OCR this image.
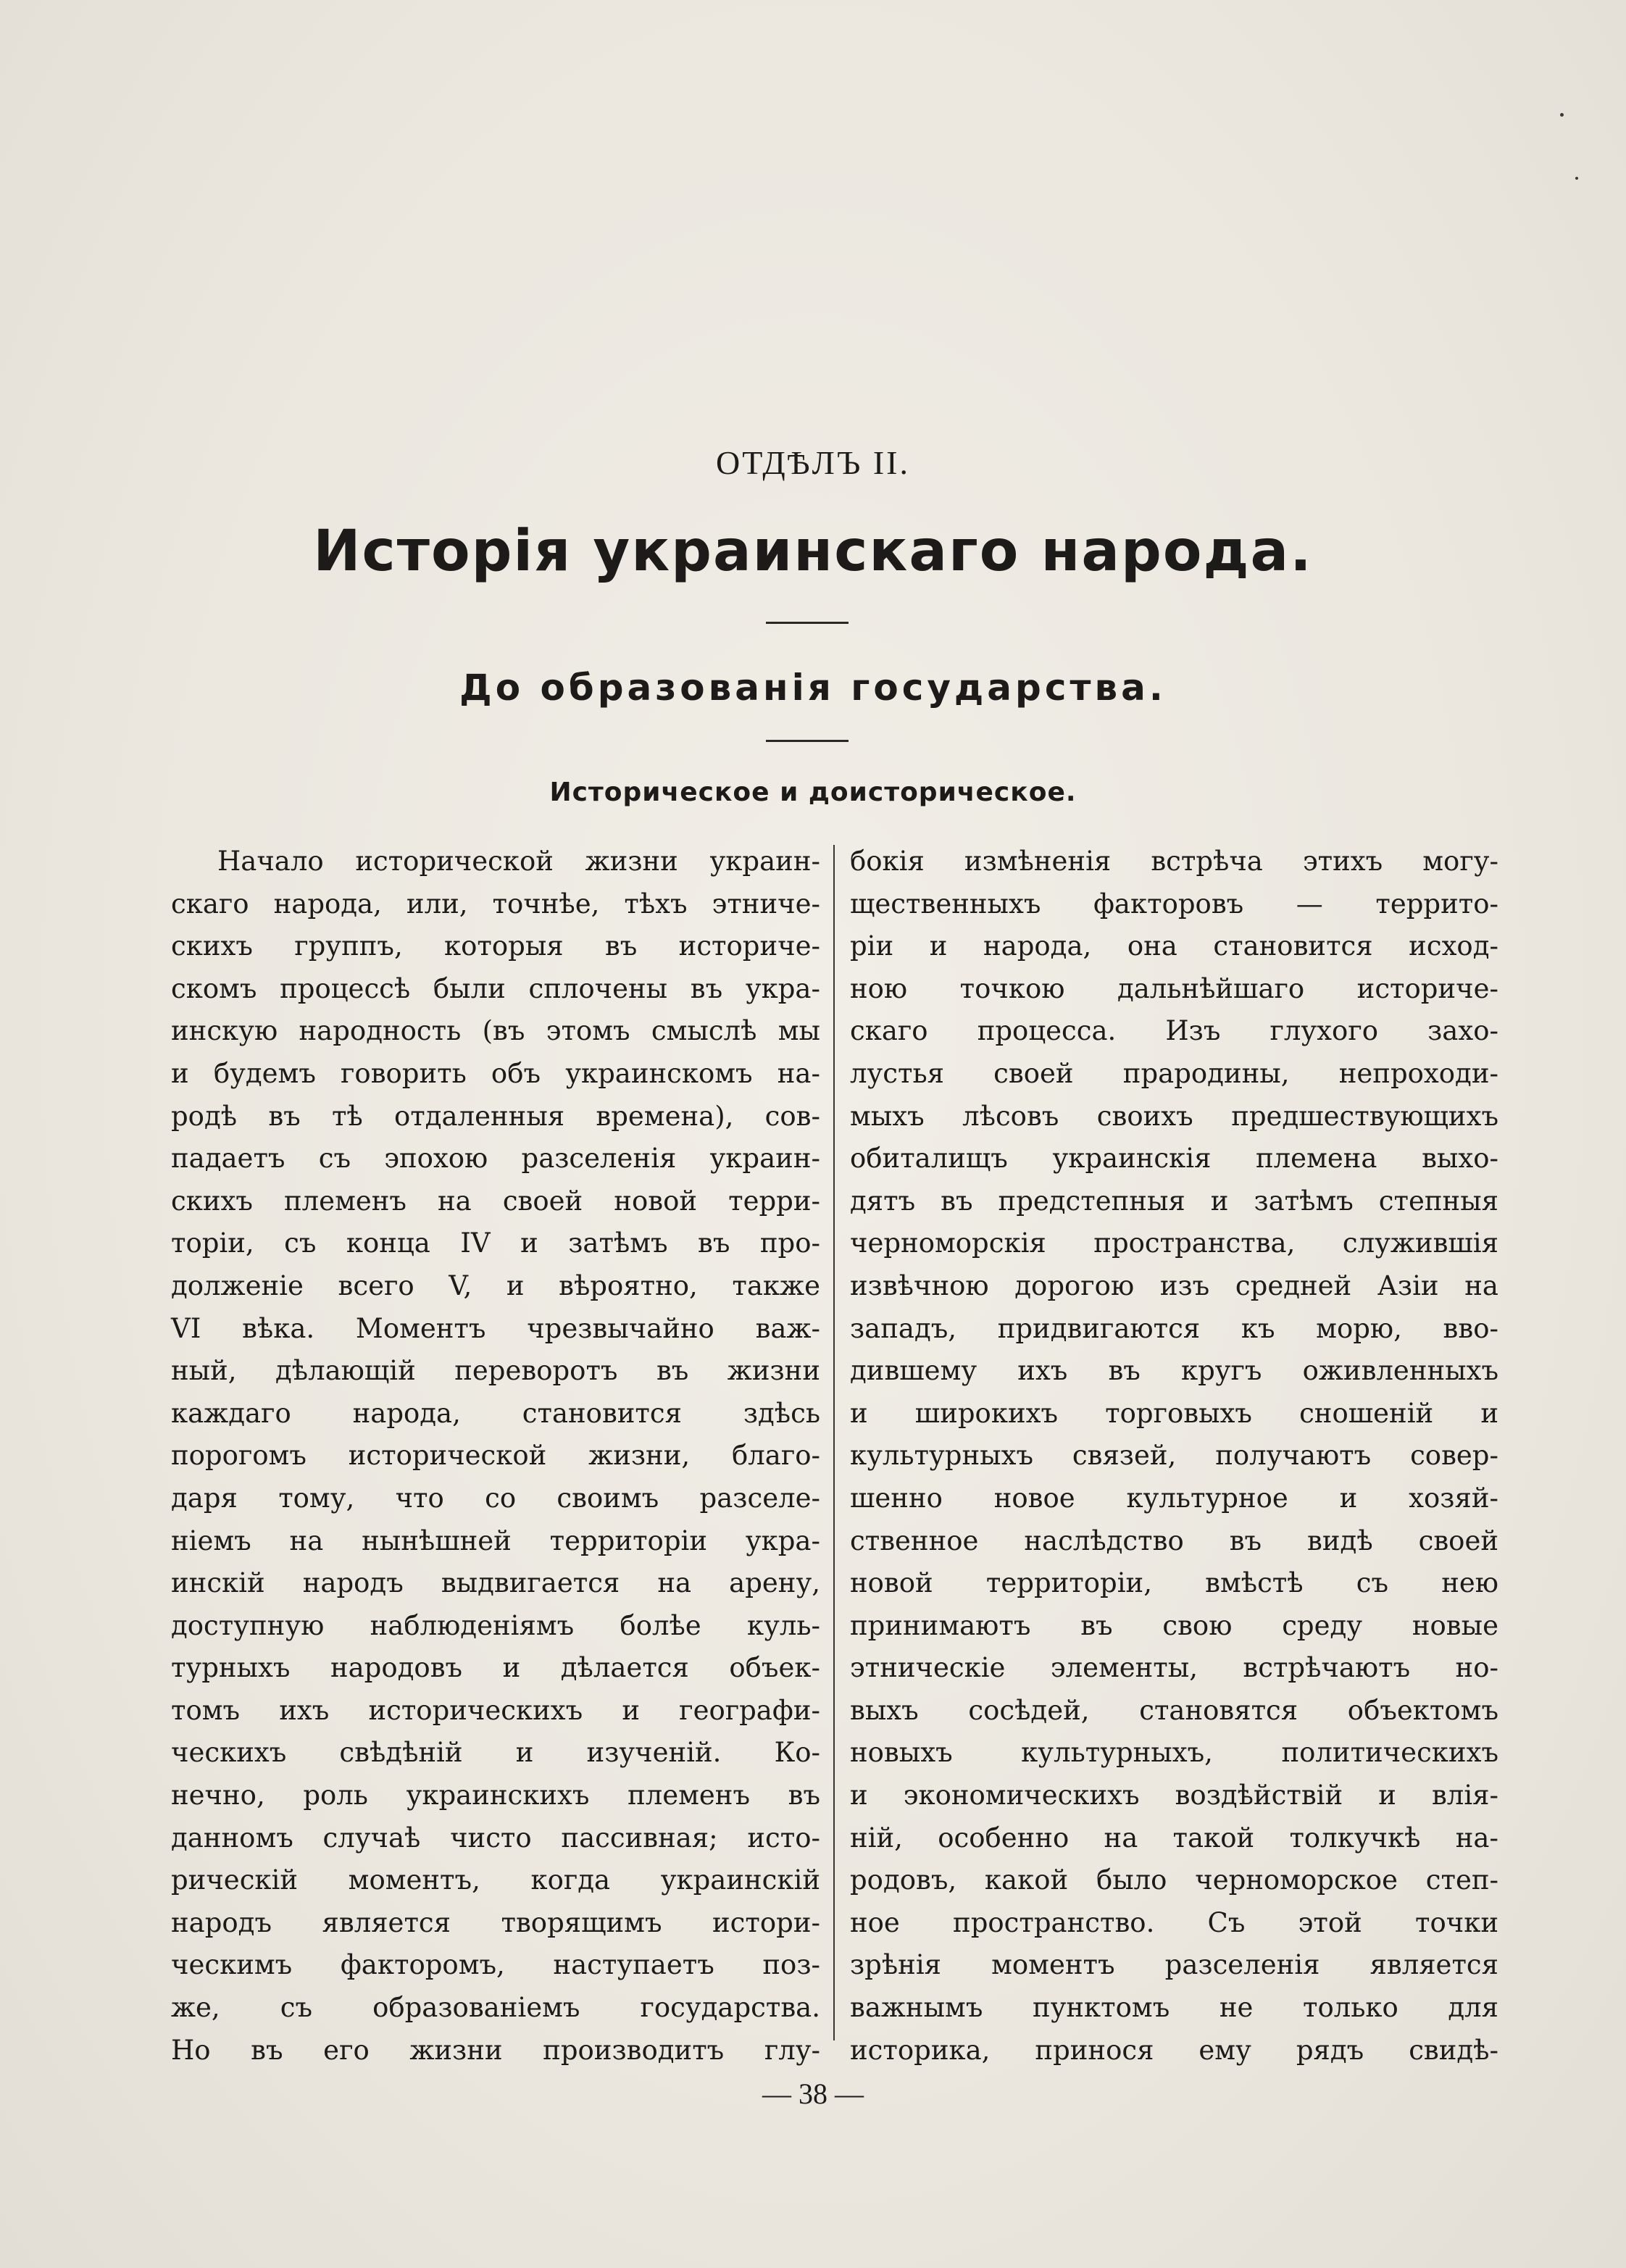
ОТДѢЛЪ II.
Исторія украинскаго народа.
До образованія государства.
Историческое и доисторическое.
Начало исторической жизни украин-
скаго народа, или, точнѣе, тѣхъ этниче-
скихъ группъ, которыя въ историче-
скомъ процессѣ были сплочены въ укра-
инскую народность (въ этомъ смыслѣ мы
и будемъ говорить объ украинскомъ на-
родѣ въ тѣ отдаленныя времена), сов-
падаетъ съ эпохою разселенія украин-
скихъ племенъ на своей новой терри-
торіи, съ конца IV и затѣмъ въ про-
долженіе всего V, и вѣроятно, также
VI вѣка. Моментъ чрезвычайно важ-
ный, дѣлающій переворотъ въ жизни
каждаго народа, становится здѣсь
порогомъ исторической жизни, благо-
даря тому, что со своимъ разселе-
ніемъ на нынѣшней территоріи укра-
инскій народъ выдвигается на арену,
доступную наблюденіямъ болѣе куль-
турныхъ народовъ и дѣлается объек-
томъ ихъ историческихъ и географи-
ческихъ свѣдѣній и изученій. Ко-
нечно, роль украинскихъ племенъ въ
данномъ случаѣ чисто пассивная; исто-
рическій моментъ, когда украинскій
народъ является творящимъ истори-
ческимъ факторомъ, наступаетъ поз-
же, съ образованіемъ государства.
Но въ его жизни производитъ глу-
бокія измѣненія встрѣча этихъ могу-
щественныхъ факторовъ — террито-
ріи и народа, она становится исход-
ною точкою дальнѣйшаго историче-
скаго процесса. Изъ глухого захо-
лустья своей прародины, непроходи-
мыхъ лѣсовъ своихъ предшествующихъ
обиталищъ украинскія племена выхо-
дятъ въ предстепныя и затѣмъ степныя
черноморскія пространства, служившія
извѣчною дорогою изъ средней Азіи на
западъ, придвигаются къ морю, вво-
дившему ихъ въ кругъ оживленныхъ
и широкихъ торговыхъ сношеній и
культурныхъ связей, получаютъ совер-
шенно новое культурное и хозяй-
ственное наслѣдство въ видѣ своей
новой территоріи, вмѣстѣ съ нею
принимаютъ въ свою среду новые
этническіе элементы, встрѣчаютъ но-
выхъ сосѣдей, становятся объектомъ
новыхъ культурныхъ, политическихъ
и экономическихъ воздѣйствій и влія-
ній, особенно на такой толкучкѣ на-
родовъ, какой было черноморское степ-
ное пространство. Съ этой точки
зрѣнія моментъ разселенія является
важнымъ пунктомъ не только для
историка, принося ему рядъ свидѣ-
— 38 —
